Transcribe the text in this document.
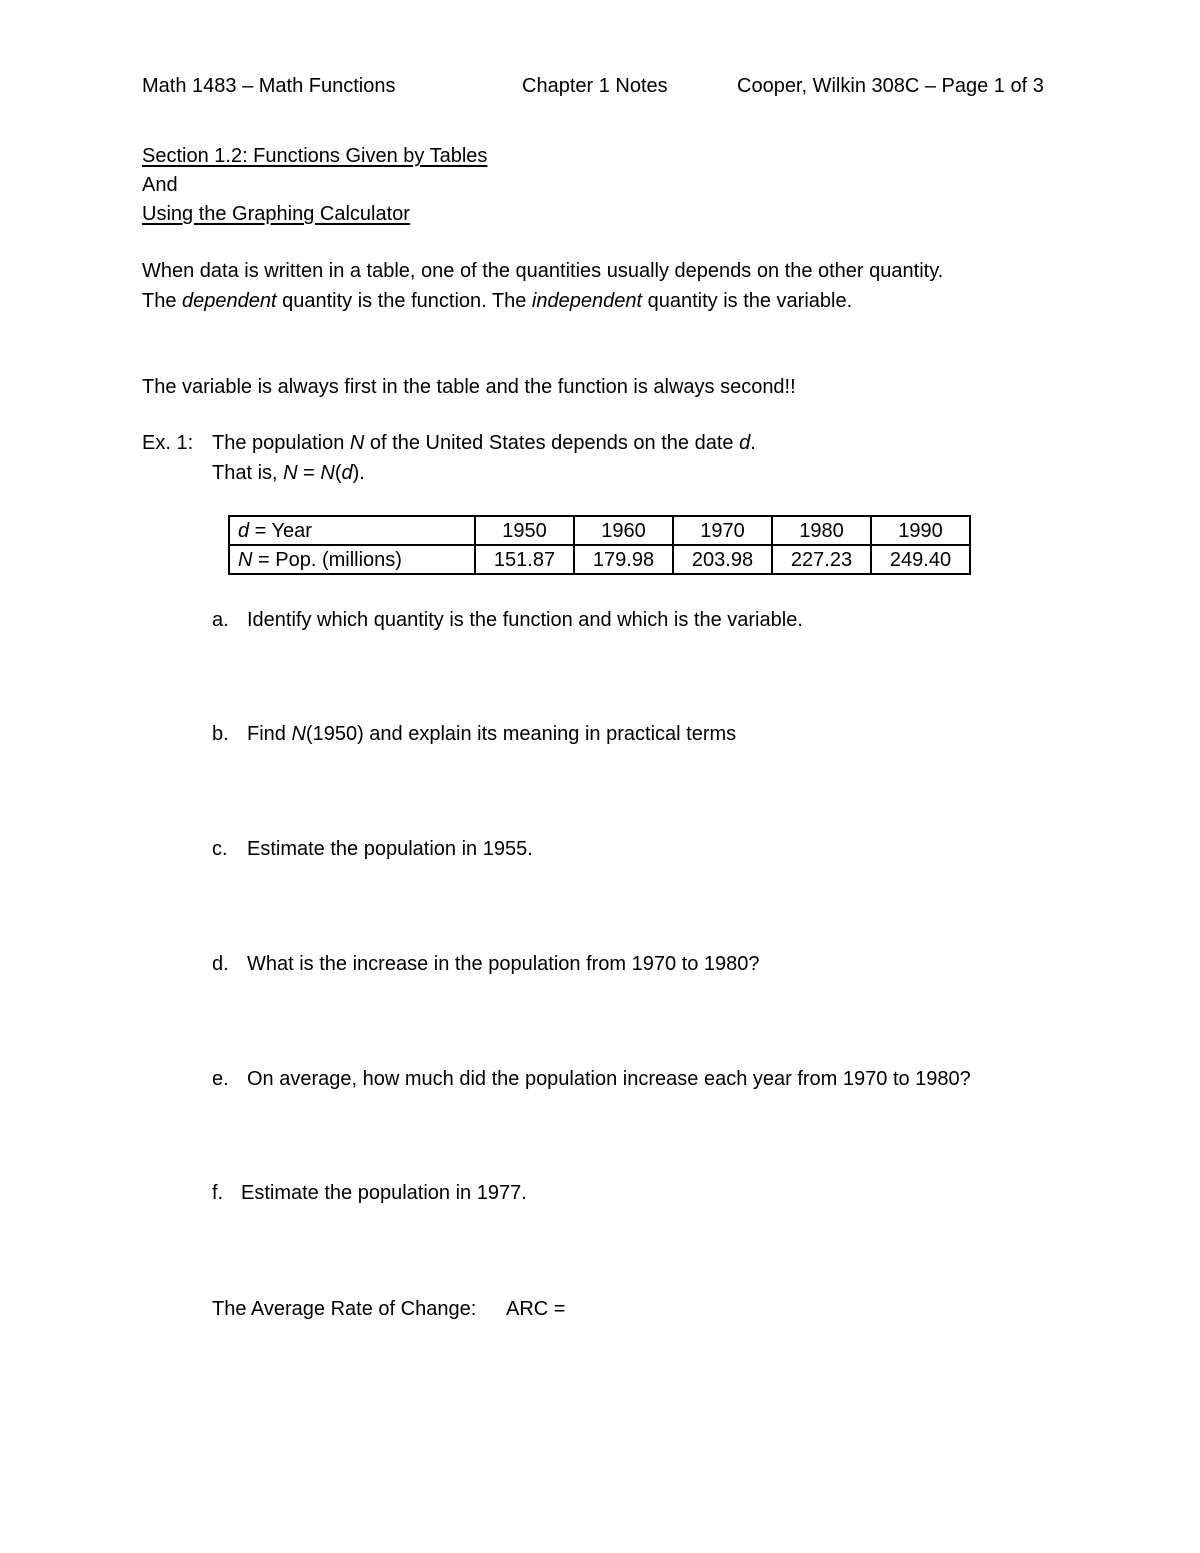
Math 1483 – Math Functions	Chapter 1 Notes	Cooper, Wilkin 308C – Page 1 of 3
Section 1.2: Functions Given by Tables
And
Using the Graphing Calculator
When data is written in a table, one of the quantities usually depends on the other quantity.
The dependent quantity is the function. The independent quantity is the variable.
The variable is always first in the table and the function is always second!!
Ex. 1: The population N of the United States depends on the date d.
That is, N = N(d).
d = Year	1950	1960	1970	1980	1990
N = Pop. (millions)	151.87	179.98	203.98	227.23	249.40
a. Identify which quantity is the function and which is the variable.
b. Find N(1950) and explain its meaning in practical terms
c. Estimate the population in 1955.
d. What is the increase in the population from 1970 to 1980?
e. On average, how much did the population increase each year from 1970 to 1980?
f. Estimate the population in 1977.
The Average Rate of Change: ARC =
